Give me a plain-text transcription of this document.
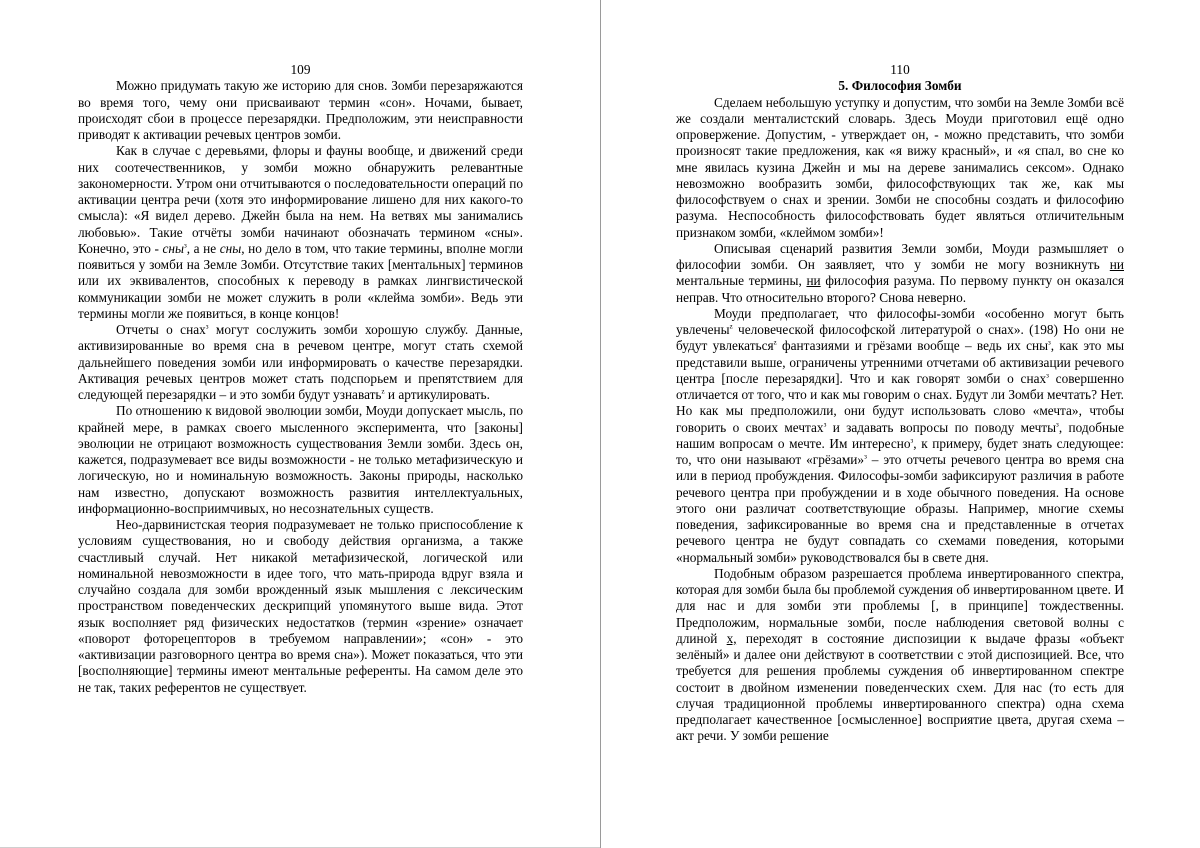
109

Можно придумать такую же историю для снов. Зомби перезаряжаются во время того, чему они присваивают термин «сон». Ночами, бывает, происходят сбои в процессе перезарядки. Предположим, эти неисправности приводят к активации речевых центров зомби.

Как в случае с деревьями, флоры и фауны вообще, и движений среди них соотечественников, у зомби можно обнаружить релевантные закономерности. Утром они отчитываются о последовательности операций по активации центра речи (хотя это информирование лишено для них какого-то смысла): «Я видел дерево. Джейн была на нем. На ветвях мы занимались любовью». Такие отчёты зомби начинают обозначать термином «сны». Конечно, это - сны$^з$, а не сны, но дело в том, что такие термины, вполне могли появиться у зомби на Земле Зомби. Отсутствие таких [ментальных] терминов или их эквивалентов, способных к переводу в рамках лингвистической коммуникации зомби не может служить в роли «клейма зомби». Ведь эти термины могли же появиться, в конце концов!

Отчеты о снах$^з$ могут сослужить зомби хорошую службу. Данные, активизированные во время сна в речевом центре, могут стать схемой дальнейшего поведения зомби или информировать о качестве перезарядки. Активация речевых центров может стать подспорьем и препятствием для следующей перезарядки – и это зомби будут узнавать$^z$ и артикулировать.

По отношению к видовой эволюции зомби, Моуди допускает мысль, по крайней мере, в рамках своего мысленного эксперимента, что [законы] эволюции не отрицают возможность существования Земли зомби. Здесь он, кажется, подразумевает все виды возможности - не только метафизическую и логическую, но и номинальную возможность. Законы природы, насколько нам известно, допускают возможность развития интеллектуальных, информационно-восприимчивых, но несознательных существ.

Нео-дарвинистская теория подразумевает не только приспособление к условиям существования, но и свободу действия организма, а также счастливый случай. Нет никакой метафизической, логической или номинальной невозможности в идее того, что мать-природа вдруг взяла и случайно создала для зомби врожденный язык мышления с лексическим пространством поведенческих дескрипций упомянутого выше вида. Этот язык восполняет ряд физических недостатков (термин «зрение» означает «поворот фоторецепторов в требуемом направлении»; «сон» - это «активизации разговорного центра во время сна»). Может показаться, что эти [восполняющие] термины имеют ментальные референты. На самом деле это не так, таких референтов не существует.

110

5. Философия Зомби

Сделаем небольшую уступку и допустим, что зомби на Земле Зомби всё же создали менталистский словарь. Здесь Моуди приготовил ещё одно опровержение. Допустим, - утверждает он, - можно представить, что зомби произносят такие предложения, как «я вижу красный», и «я спал, во сне ко мне явилась кузина Джейн и мы на дереве занимались сексом». Однако невозможно вообразить зомби, философствующих так же, как мы философствуем о снах и зрении. Зомби не способны создать и философию разума. Неспособность философствовать будет являться отличительным признаком зомби, «клеймом зомби»!

Описывая сценарий развития Земли зомби, Моуди размышляет о философии зомби. Он заявляет, что у зомби не могу возникнуть ни ментальные термины, ни философия разума. По первому пункту он оказался неправ. Что относительно второго? Снова неверно.

Моуди предполагает, что философы-зомби «особенно могут быть увлечены$^z$ человеческой философской литературой о снах». (198) Но они не будут увлекаться$^z$ фантазиями и грёзами вообще – ведь их сны$^з$, как это мы представили выше, ограничены утренними отчетами об активизации речевого центра [после перезарядки]. Что и как говорят зомби о снах$^з$ совершенно отличается от того, что и как мы говорим о снах. Будут ли Зомби мечтать? Нет. Но как мы предположили, они будут использовать слово «мечта», чтобы говорить о своих мечтах$^з$ и задавать вопросы по поводу мечты$^з$, подобные нашим вопросам о мечте. Им интересно$^з$, к примеру, будет знать следующее: то, что они называют «грёзами»$^з$ – это отчеты речевого центра во время сна или в период пробуждения. Философы-зомби зафиксируют различия в работе речевого центра при пробуждении и в ходе обычного поведения. На основе этого они различат соответствующие образы. Например, многие схемы поведения, зафиксированные во время сна и представленные в отчетах речевого центра не будут совпадать со схемами поведения, которыми «нормальный зомби» руководствовался бы в свете дня.

Подобным образом разрешается проблема инвертированного спектра, которая для зомби была бы проблемой суждения об инвертированном цвете. И для нас и для зомби эти проблемы [, в принципе] тождественны. Предположим, нормальные зомби, после наблюдения световой волны с длиной х, переходят в состояние диспозиции к выдаче фразы «объект зелёный» и далее они действуют в соответствии с этой диспозицией. Все, что требуется для решения проблемы суждения об инвертированном спектре состоит в двойном изменении поведенческих схем. Для нас (то есть для случая традиционной проблемы инвертированного спектра) одна схема предполагает качественное [осмысленное] восприятие цвета, другая схема – акт речи. У зомби решение
